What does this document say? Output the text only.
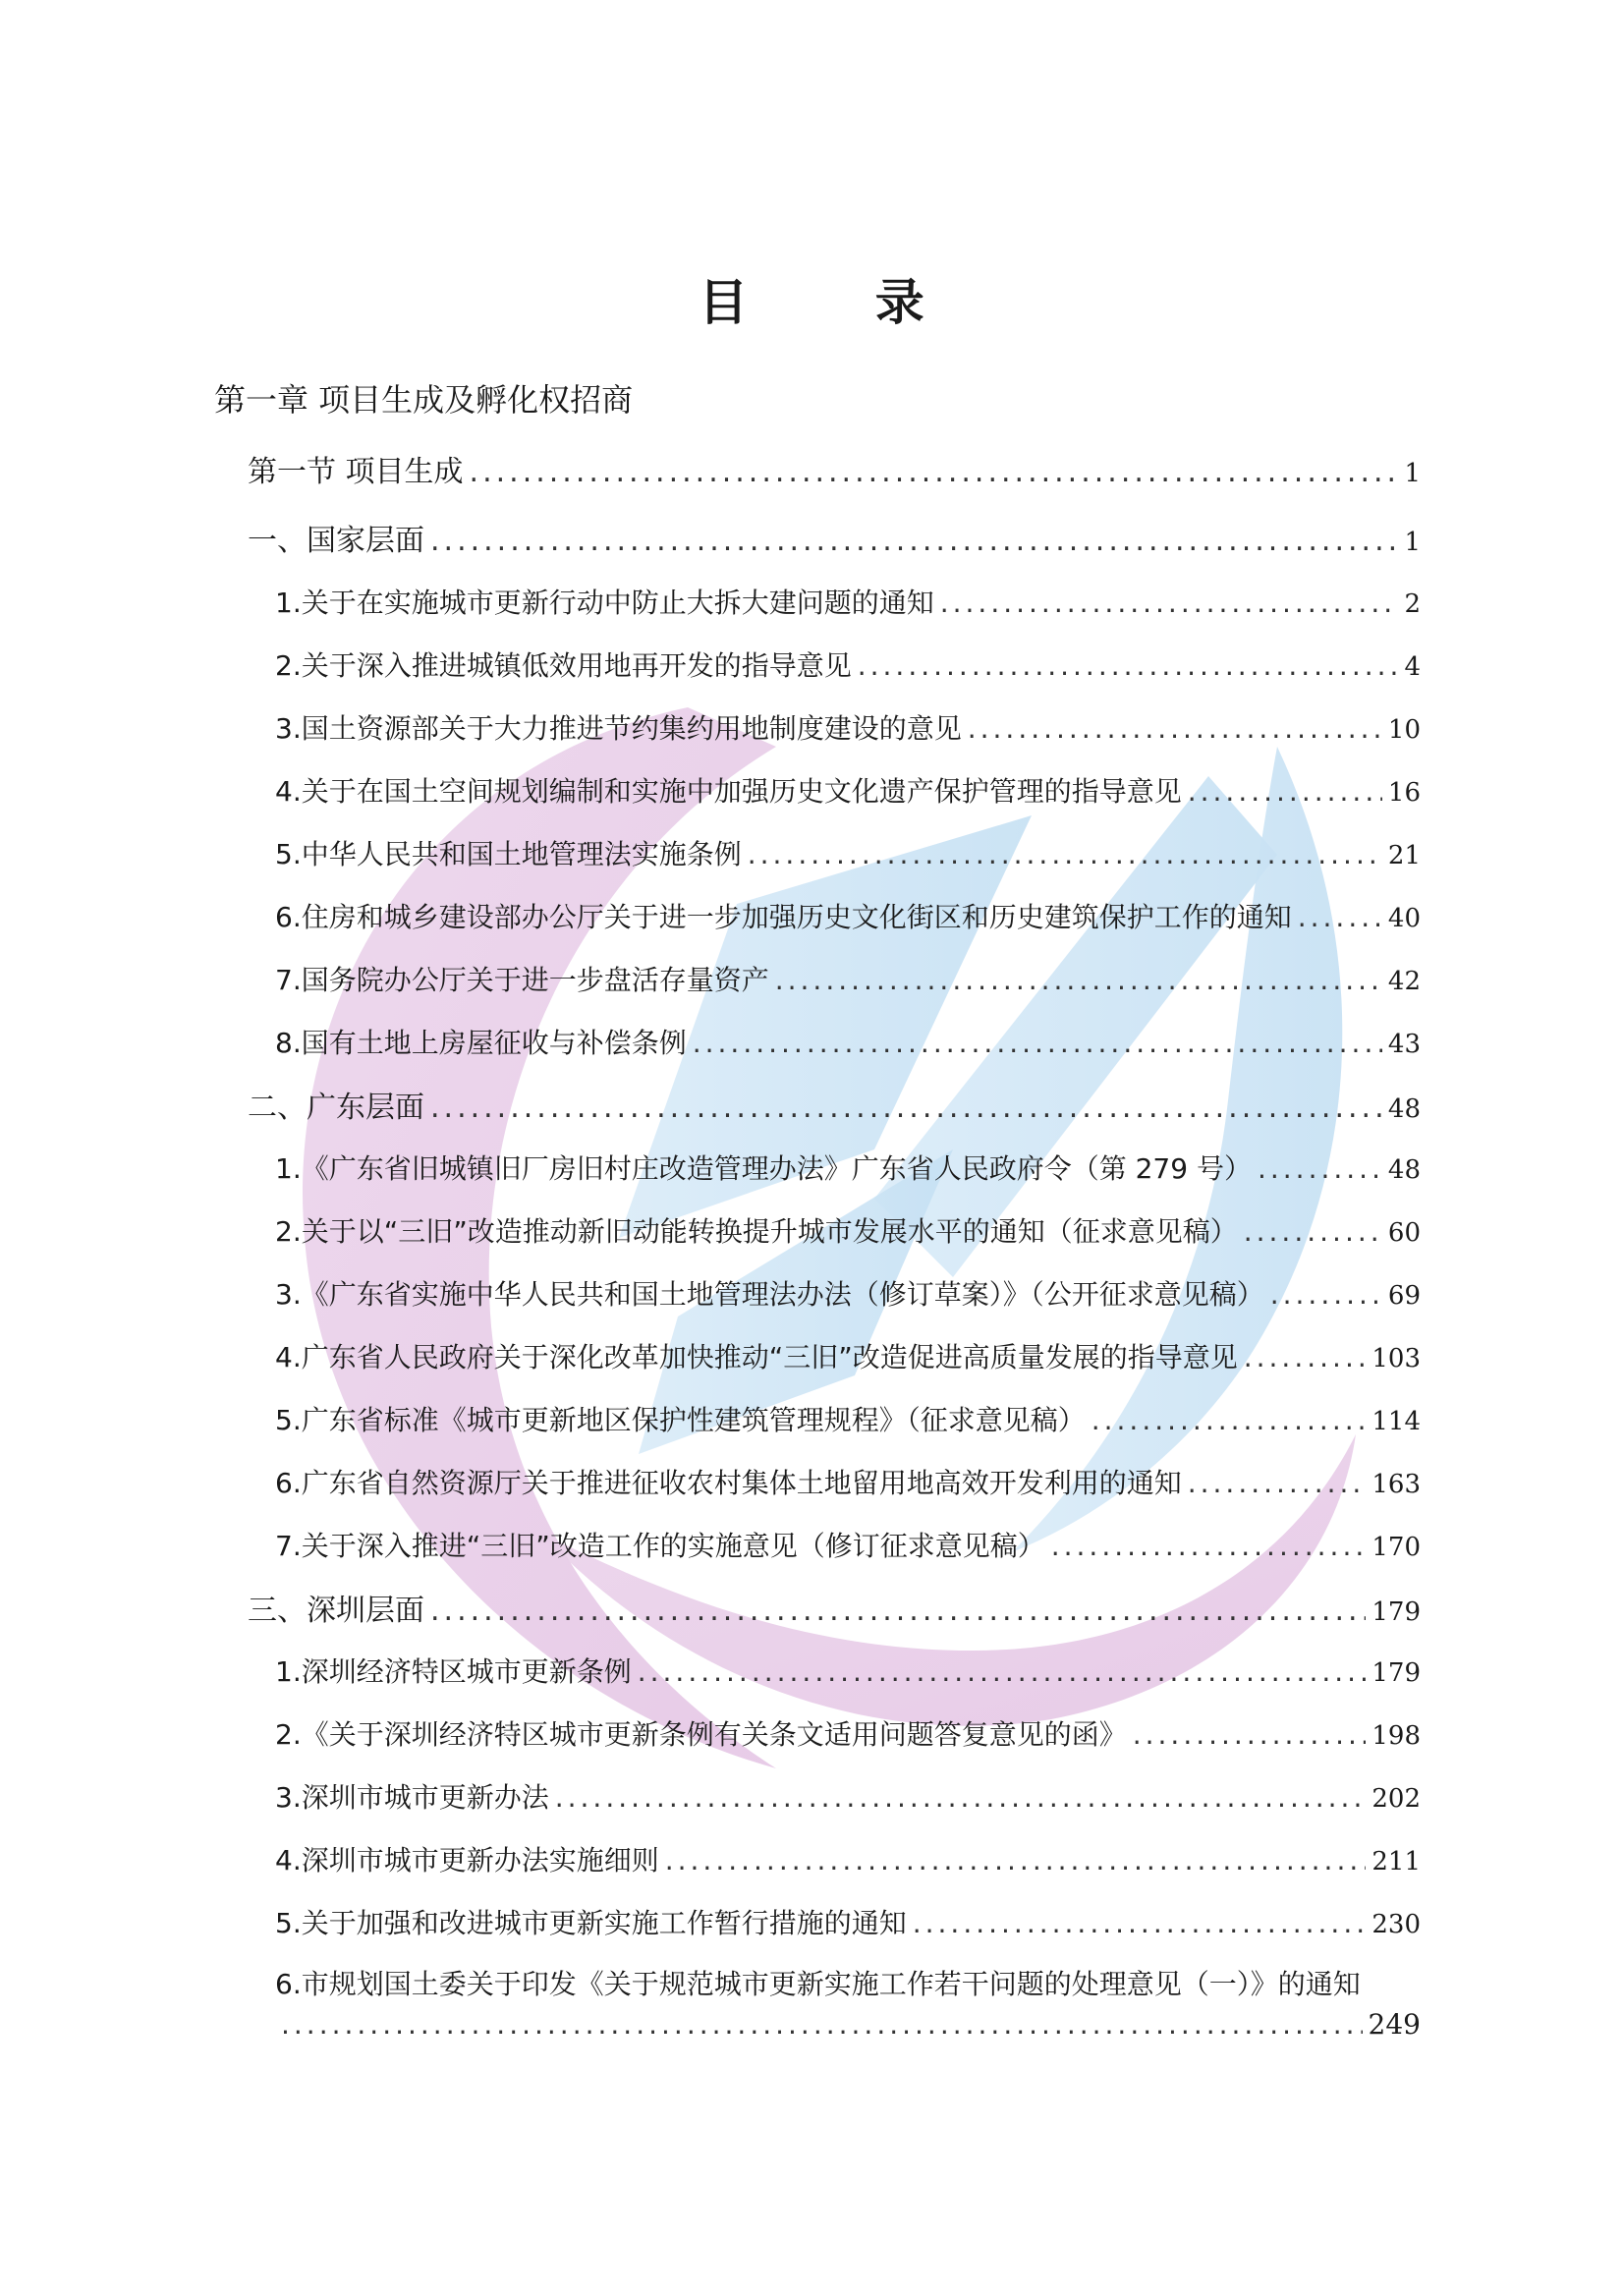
目 录
第一章 项目生成及孵化权招商
第一节 项目生成 .....	1
一、国家层面 .....	1
1.关于在实施城市更新行动中防止大拆大建问题的通知 .....	2
2.关于深入推进城镇低效用地再开发的指导意见 .....	4
3.国土资源部关于大力推进节约集约用地制度建设的意见 .....	10
4.关于在国土空间规划编制和实施中加强历史文化遗产保护管理的指导意见 .....	16
5.中华人民共和国土地管理法实施条例 .....	21
6.住房和城乡建设部办公厅关于进一步加强历史文化街区和历史建筑保护工作的通知 .....	40
7.国务院办公厅关于进一步盘活存量资产 .....	42
8.国有土地上房屋征收与补偿条例 .....	43
二、广东层面 .....	48
1.《广东省旧城镇旧厂房旧村庄改造管理办法》广东省人民政府令（第 279 号） .....	48
2.关于以“三旧”改造推动新旧动能转换提升城市发展水平的通知（征求意见稿） .....	60
3.《广东省实施中华人民共和国土地管理法办法（修订草案）》（公开征求意见稿） .....	69
4.广东省人民政府关于深化改革加快推动“三旧”改造促进高质量发展的指导意见 .....	103
5.广东省标准《城市更新地区保护性建筑管理规程》（征求意见稿） .....	114
6.广东省自然资源厅关于推进征收农村集体土地留用地高效开发利用的通知 .....	163
7.关于深入推进“三旧”改造工作的实施意见（修订征求意见稿） .....	170
三、深圳层面 .....	179
1.深圳经济特区城市更新条例 .....	179
2.《关于深圳经济特区城市更新条例有关条文适用问题答复意见的函》 .....	198
3.深圳市城市更新办法 .....	202
4.深圳市城市更新办法实施细则 .....	211
5.关于加强和改进城市更新实施工作暂行措施的通知 .....	230
6.市规划国土委关于印发《关于规范城市更新实施工作若干问题的处理意见（一）》的通知
.....
249
